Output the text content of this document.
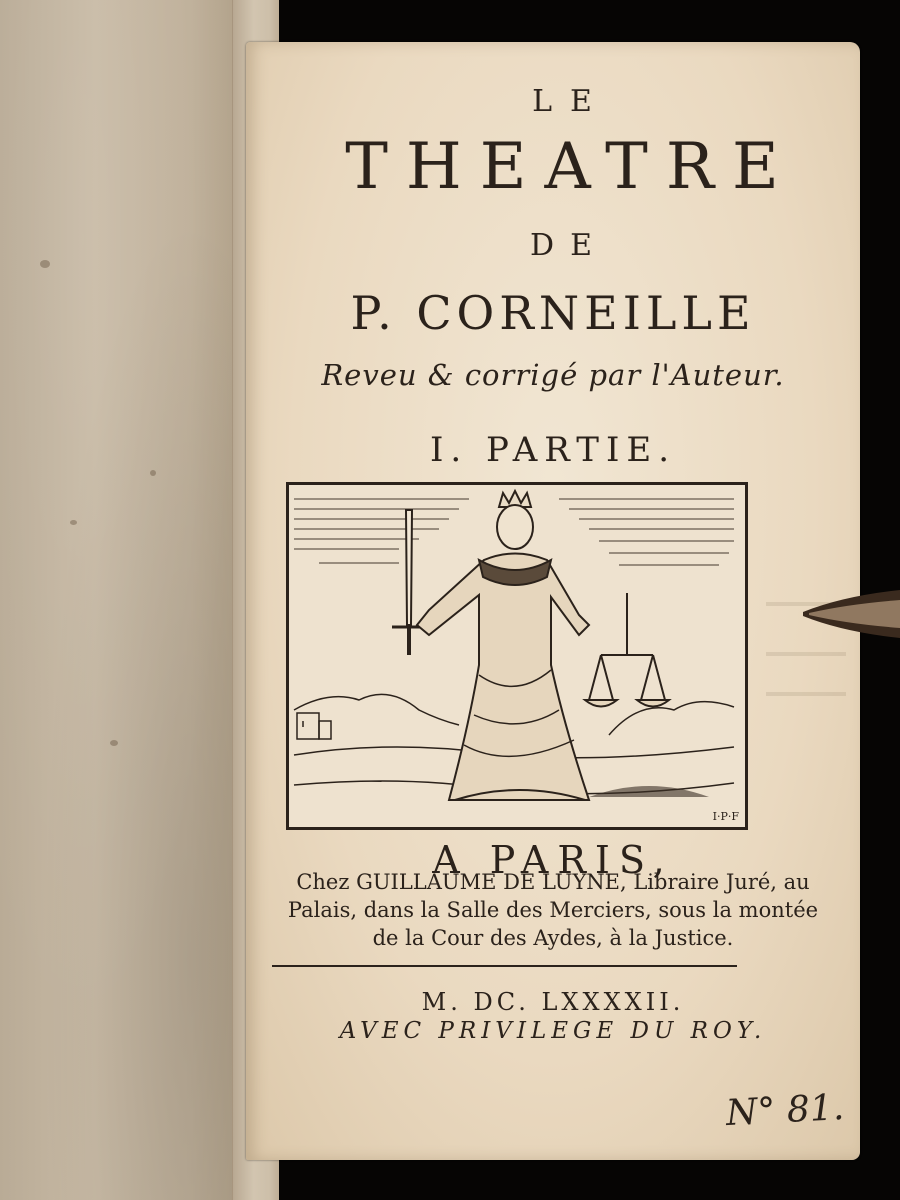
LE

THEATRE

DE

P. CORNEILLE

Reveu & corrigé par l'Auteur.

I. PARTIE.

I·P·F

A PARIS,

Chez GUILLAUME DE LUYNE, Libraire Juré, au

Palais, dans la Salle des Merciers, sous la montée

de la Cour des Aydes, à la Justice.

M. DC. LXXXXII.

AVEC PRIVILEGE DU ROY.

N° 81.
